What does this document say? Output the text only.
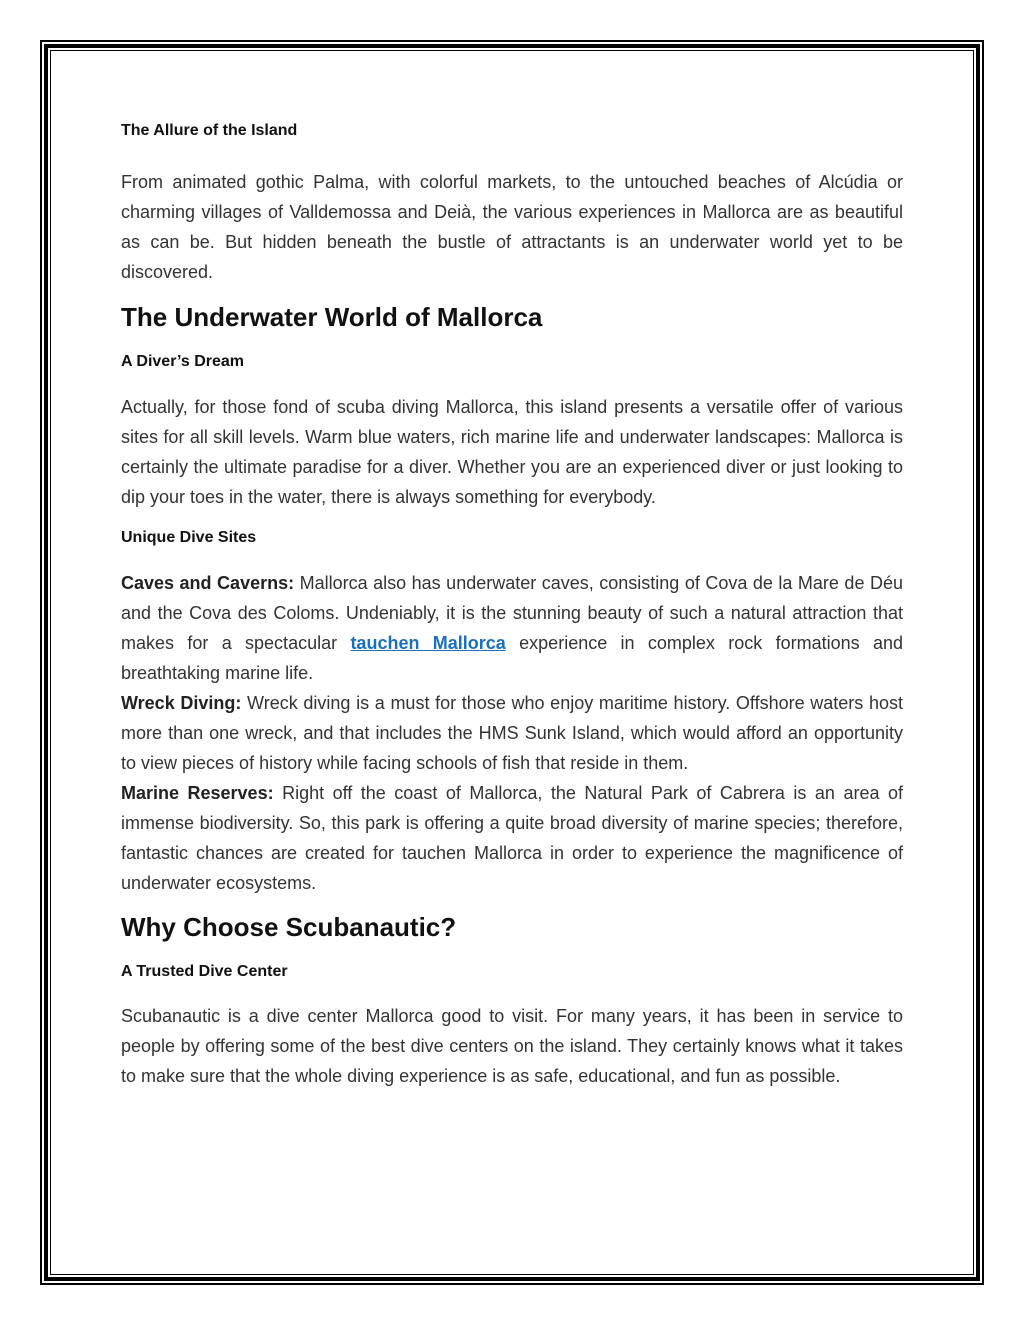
The Allure of the Island

From animated gothic Palma, with colorful markets, to the untouched beaches of Alcúdia or charming villages of Valldemossa and Deià, the various experiences in Mallorca are as beautiful as can be. But hidden beneath the bustle of attractants is an underwater world yet to be discovered.

The Underwater World of Mallorca
A Diver’s Dream

Actually, for those fond of scuba diving Mallorca, this island presents a versatile offer of various sites for all skill levels. Warm blue waters, rich marine life and underwater landscapes: Mallorca is certainly the ultimate paradise for a diver. Whether you are an experienced diver or just looking to dip your toes in the water, there is always something for everybody.

Unique Dive Sites

Caves and Caverns: Mallorca also has underwater caves, consisting of Cova de la Mare de Déu and the Cova des Coloms. Undeniably, it is the stunning beauty of such a natural attraction that makes for a spectacular tauchen Mallorca experience in complex rock formations and breathtaking marine life.

Wreck Diving: Wreck diving is a must for those who enjoy maritime history. Offshore waters host more than one wreck, and that includes the HMS Sunk Island, which would afford an opportunity to view pieces of history while facing schools of fish that reside in them.

Marine Reserves: Right off the coast of Mallorca, the Natural Park of Cabrera is an area of immense biodiversity. So, this park is offering a quite broad diversity of marine species; therefore, fantastic chances are created for tauchen Mallorca in order to experience the magnificence of underwater ecosystems.

Why Choose Scubanautic?
A Trusted Dive Center

Scubanautic is a dive center Mallorca good to visit. For many years, it has been in service to people by offering some of the best dive centers on the island. They certainly knows what it takes to make sure that the whole diving experience is as safe, educational, and fun as possible.
